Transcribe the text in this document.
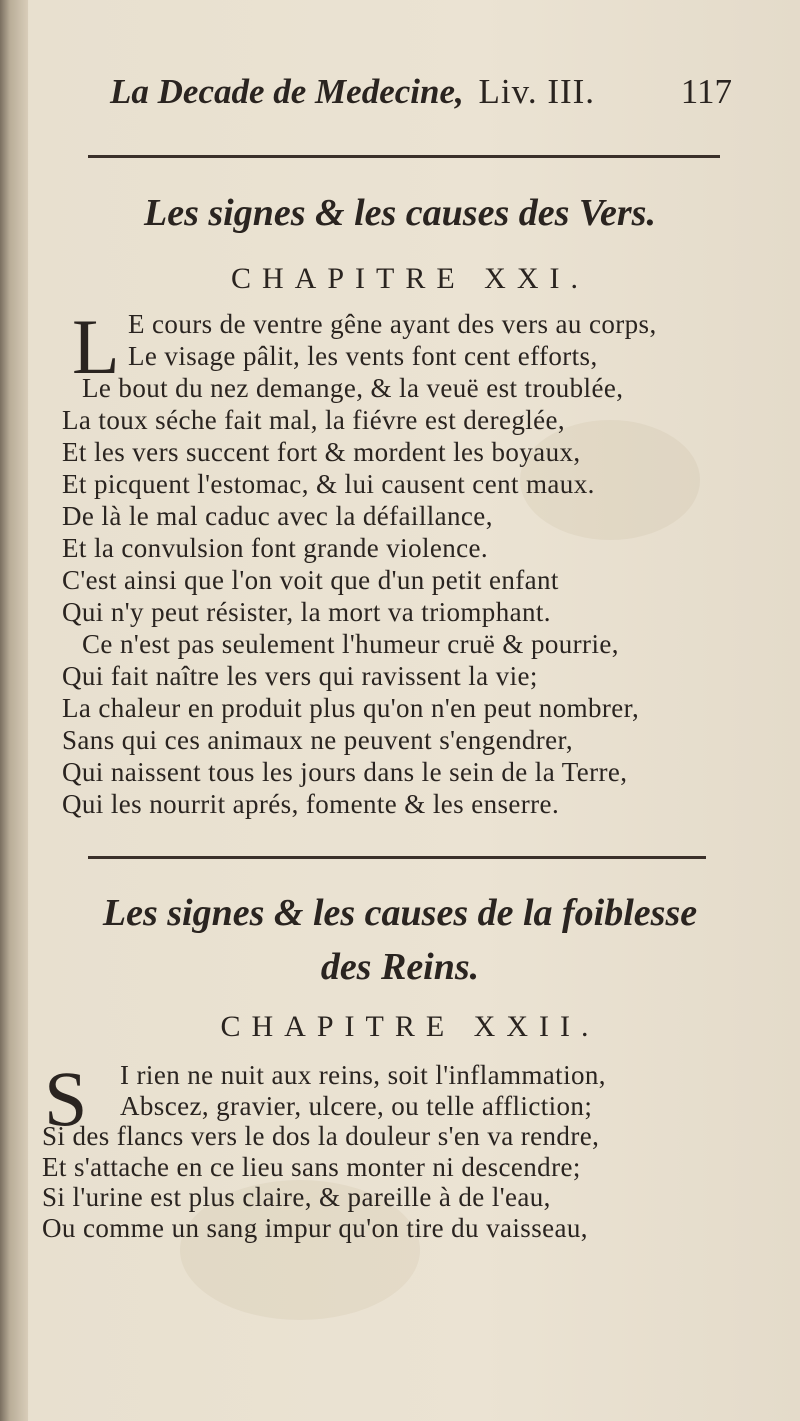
La Decade de Medecine, Liv. III. 117
Les signes & les causes des Vers.
CHAPITRE XXI.
L E cours de ventre gêne ayant des vers au corps,
Le visage pâlit, les vents font cent efforts,
Le bout du nez demange, & la veuë est troublée,
La toux séche fait mal, la fiévre est dereglée,
Et les vers succent fort & mordent les boyaux,
Et picquent l'estomac, & lui causent cent maux.
De là le mal caduc avec la défaillance,
Et la convulsion font grande violence.
C'est ainsi que l'on voit que d'un petit enfant
Qui n'y peut résister, la mort va triomphant.
Ce n'est pas seulement l'humeur cruë & pourrie,
Qui fait naître les vers qui ravissent la vie;
La chaleur en produit plus qu'on n'en peut nombrer,
Sans qui ces animaux ne peuvent s'engendrer,
Qui naissent tous les jours dans le sein de la Terre,
Qui les nourrit aprés, fomente & les enserre.
Les signes & les causes de la foiblesse
des Reins.
CHAPITRE XXII.
S	I rien ne nuit aux reins, soit l'inflammation,
Abscez, gravier, ulcere, ou telle affliction;
Si des flancs vers le dos la douleur s'en va rendre,
Et s'attache en ce lieu sans monter ni descendre;
Si l'urine est plus claire, & pareille à de l'eau,
Ou comme un sang impur qu'on tire du vaisseau,
